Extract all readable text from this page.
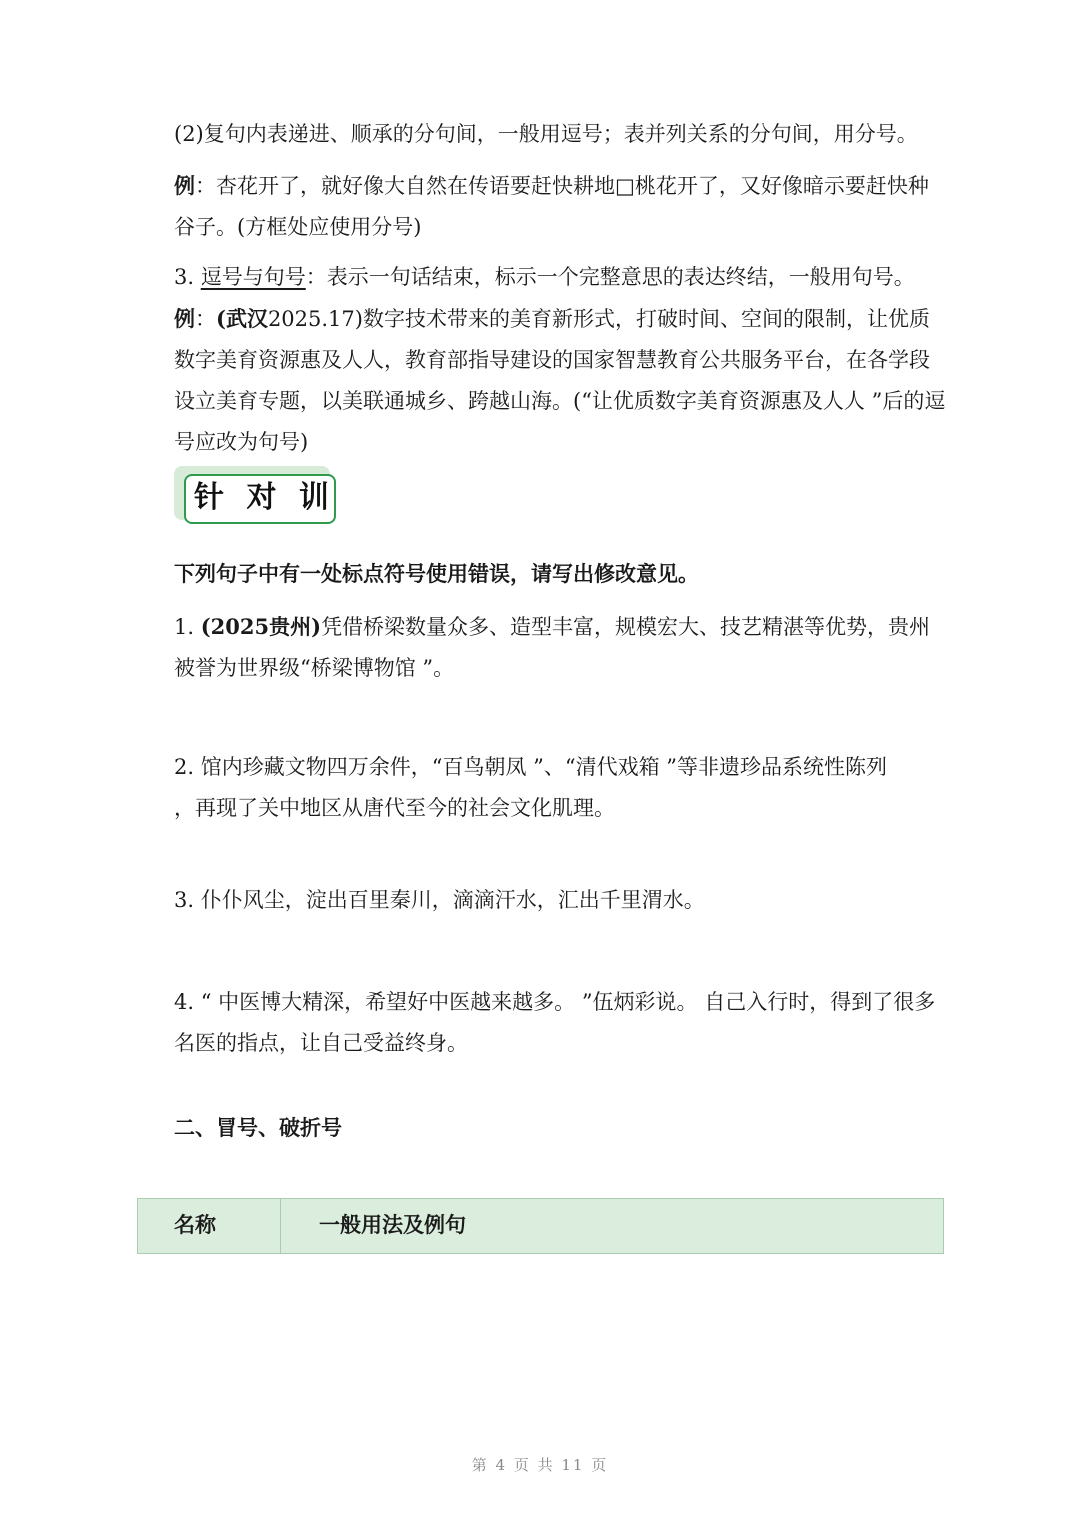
(2)复句内表递进、顺承的分句间，一般用逗号；表并列关系的分句间，用分号。

例：杏花开了，就好像大自然在传语要赶快耕地□桃花开了，又好像暗示要赶快种谷子。(方框处应使用分号)

3. 逗号与句号：表示一句话结束，标示一个完整意思的表达终结，一般用句号。

例：(武汉2025.17)数字技术带来的美育新形式，打破时间、空间的限制，让优质数字美育资源惠及人人，教育部指导建设的国家智慧教育公共服务平台，在各学段设立美育专题，以美联通城乡、跨越山海。(“让优质数字美育资源惠及人人 ”后的逗号应改为句号)

针 对 训

下列句子中有一处标点符号使用错误，请写出修改意见。

1. (2025贵州)凭借桥梁数量众多、造型丰富，规模宏大、技艺精湛等优势，贵州被誉为世界级“桥梁博物馆 ”。

2. 馆内珍藏文物四万余件，“百鸟朝凤 ”、“清代戏箱 ”等非遗珍品系统性陈列
，再现了关中地区从唐代至今的社会文化肌理。

3. 仆仆风尘，淀出百里秦川，滴滴汗水，汇出千里渭水。

4. “ 中医博大精深，希望好中医越来越多。 ”伍炳彩说。 自己入行时，得到了很多名医的指点，让自己受益终身。

二、冒号、破折号

名称	一般用法及例句
第 4 页 共 11 页
